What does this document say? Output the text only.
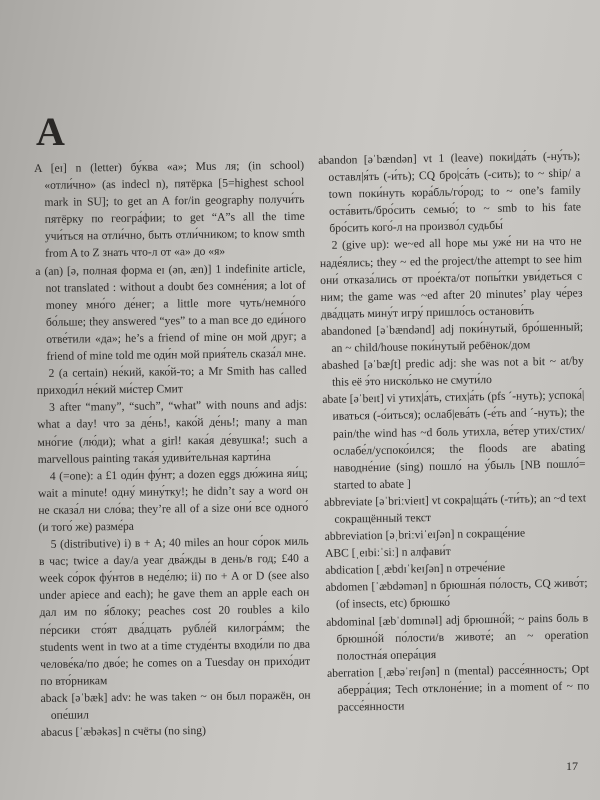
A

A [eɪ] n (letter) бу́ква «а»; Mus ля; (in school) «отли́чно» (as indecl n), пятёрка [5=highest school mark in SU]; to get an A for/in geography получи́ть пятёрку по геогра́фии; to get “A”s all the time учи́ться на отли́чно, быть отли́чником; to know smth from A to Z знать что-л от «а» до «я»

a (an) [ə, полная форма eɪ (ən, æn)] 1 indefinite article, not translated : without a doubt без сомне́ния; a lot of money мно́го де́нег; a little more чуть/немно́го бо́льше; they answered “yes” to a man все до еди́ного отве́тили «да»; he’s a friend of mine он мой друг; a friend of mine told me оди́н мой прия́тель сказа́л мне.

2 (a certain) не́кий, како́й-то; a Mr Smith has called приходи́л не́кий ми́стер Смит

3 after “many”, “such”, “what” with nouns and adjs: what a day! что за де́нь!, како́й де́нь!; many a man мно́гие (лю́ди); what a girl! кака́я де́вушка!; such a marvellous painting така́я удиви́тельная карти́на

4 (=one): a £1 оди́н фу́нт; a dozen eggs дю́жина яи́ц; wait a minute! одну́ мину́тку!; he didn’t say a word он не сказа́л ни сло́ва; they’re all of a size они́ все одного́ (и того́ же) разме́ра

5 (distributive) i) в + A; 40 miles an hour со́рок миль в час; twice a day/a year два́жды в день/в год; £40 a week со́рок фу́нтов в неде́лю; ii) по + A or D (see also under apiece and each); he gave them an apple each он дал им по я́блоку; peaches cost 20 roubles a kilo пе́рсики сто́ят два́дцать рубле́й килогра́мм; the students went in two at a time студе́нты входи́ли по два челове́ка/по дво́е; he comes on a Tuesday он прихо́дит по вто́рникам

aback [əˈbæk] adv: he was taken ~ он был поражён, он опе́шил

abacus [ˈæbəkəs] n счёты (no sing)

abandon [əˈbændən] vt 1 (leave) поки|да́ть (-ну́ть); оставл|я́ть (-и́ть); CQ бро|са́ть (-сить); to ~ ship/ a town поки́нуть кора́бль/го́род; to ~ one’s family оста́вить/бро́сить семью́; to ~ smb to his fate бро́сить кого́-л на произво́л судьбы́

2 (give up): we~ed all hope мы уже́ ни на что не наде́ялись; they ~ ed the project/the attempt to see him они́ отказа́лись от прое́кта/от попы́тки уви́деться с ним; the game was ~ed after 20 minutes’ play че́рез два́дцать мину́т игру́ пришло́сь останови́ть

abandoned [əˈbændənd] adj поки́нутый, бро́шенный; an ~ child/house поки́нутый ребёнок/дом

abashed [əˈbæʃt] predic adj: she was not a bit ~ at/by this её э́то ниско́лько не смути́ло

abate [əˈbeɪt] vi утих|а́ть, стих|а́ть (pfs ´-нуть); успока́|иваться (-о́иться); ослаб|ева́ть (-е́ть and ´-нуть); the pain/the wind has ~d боль утихла, ве́тер утих/стих/ослабе́л/успоко́ился; the floods are abating наводне́ние (sing) пошло́ на у́быль [NB пошло́= started to abate ]

abbreviate [əˈbriːvieɪt] vt сокра|ща́ть (-ти́ть); an ~d text сокращённый текст

abbreviation [əˌbriːviˈeɪʃən] n сокраще́ние

ABC [ˌeɪbiːˈsiː] n алфави́т

abdication [ˌæbdɪˈkeɪʃən] n отрече́ние

abdomen [ˈæbdəmən] n брюшна́я по́лость, CQ живо́т; (of insects, etc) брюшко́

abdominal [æbˈdɒmɪnəl] adj брюшно́й; ~ pains боль в брюшно́й по́лости/в животе́; an ~ operation полостна́я опера́ция

aberration [ˌæbəˈreɪʃən] n (mental) рассе́янность; Opt аберра́ция; Tech отклоне́ние; in a moment of ~ по рассе́янности

17
